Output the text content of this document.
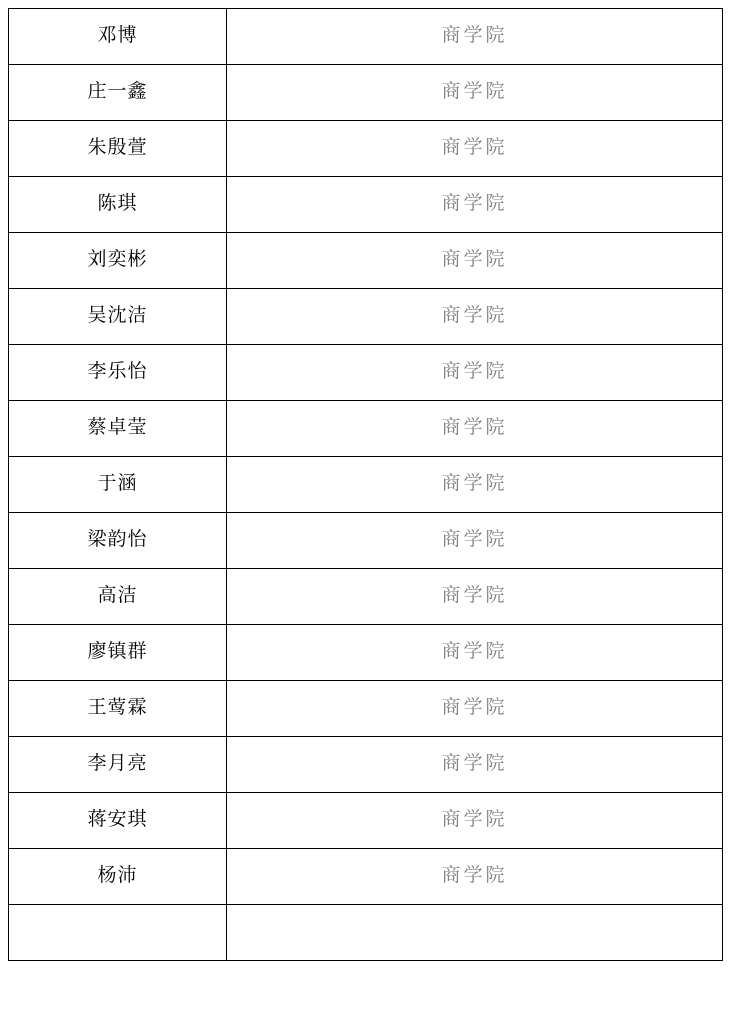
邓博	商学院
庄一鑫	商学院
朱殷萱	商学院
陈琪	商学院
刘奕彬	商学院
吴沈洁	商学院
李乐怡	商学院
蔡卓莹	商学院
于涵	商学院
梁韵怡	商学院
高洁	商学院
廖镇群	商学院
王莺霖	商学院
李月亮	商学院
蒋安琪	商学院
杨沛	商学院
